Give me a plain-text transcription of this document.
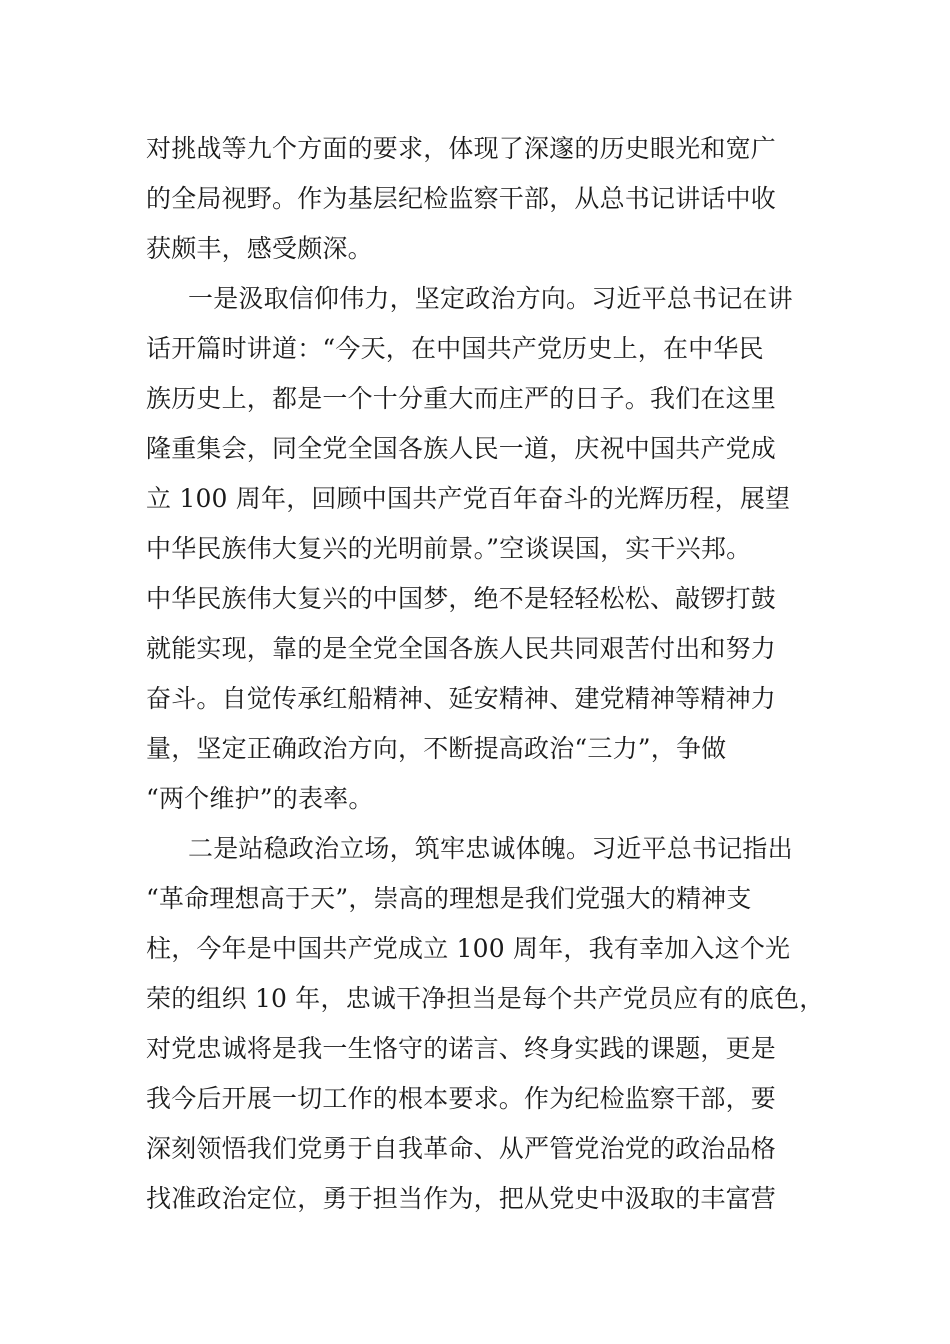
对挑战等九个方面的要求，体现了深邃的历史眼光和宽广
的全局视野。作为基层纪检监察干部，从总书记讲话中收
获颇丰，感受颇深。
一是汲取信仰伟力，坚定政治方向。习近平总书记在讲
话开篇时讲道：“今天，在中国共产党历史上，在中华民
族历史上，都是一个十分重大而庄严的日子。我们在这里
隆重集会，同全党全国各族人民一道，庆祝中国共产党成
立 100 周年，回顾中国共产党百年奋斗的光辉历程，展望
中华民族伟大复兴的光明前景。”空谈误国，实干兴邦。
中华民族伟大复兴的中国梦，绝不是轻轻松松、敲锣打鼓
就能实现，靠的是全党全国各族人民共同艰苦付出和努力
奋斗。自觉传承红船精神、延安精神、建党精神等精神力
量，坚定正确政治方向，不断提高政治“三力”，争做
“两个维护”的表率。
二是站稳政治立场，筑牢忠诚体魄。习近平总书记指出
“革命理想高于天”，崇高的理想是我们党强大的精神支
柱，今年是中国共产党成立 100 周年，我有幸加入这个光
荣的组织 10 年，忠诚干净担当是每个共产党员应有的底色，
对党忠诚将是我一生恪守的诺言、终身实践的课题，更是
我今后开展一切工作的根本要求。作为纪检监察干部，要
深刻领悟我们党勇于自我革命、从严管党治党的政治品格
找准政治定位，勇于担当作为，把从党史中汲取的丰富营
